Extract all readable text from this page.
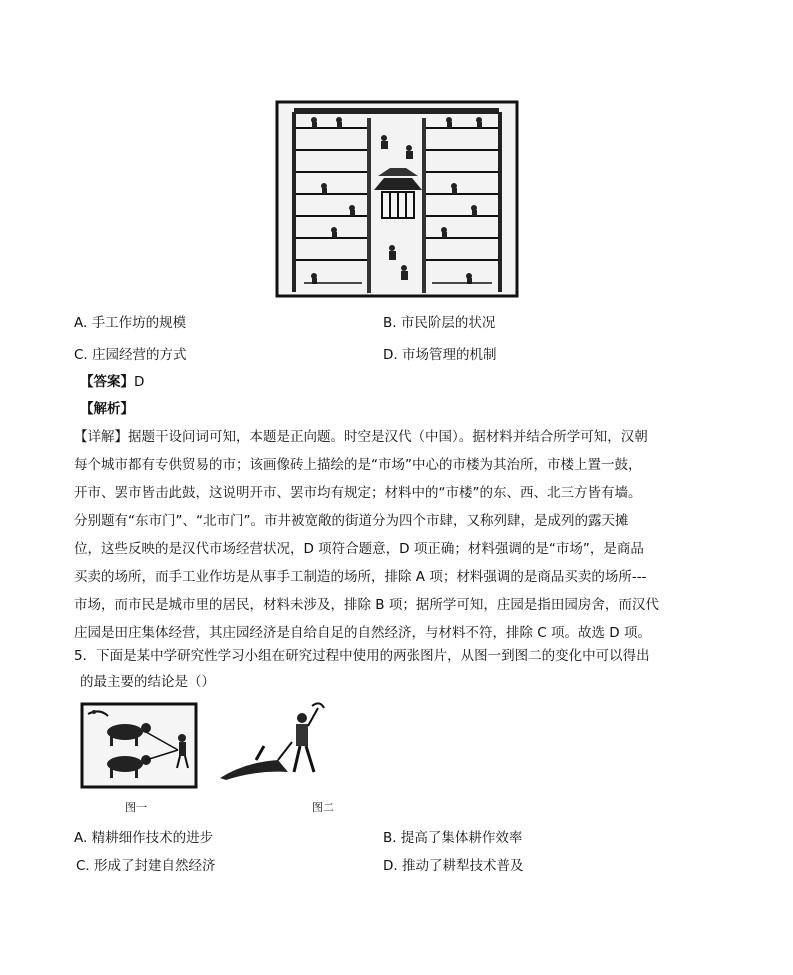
A. 手工作坊的规模	B. 市民阶层的状况
C. 庄园经营的方式	D. 市场管理的机制
【答案】D
【解析】
【详解】据题干设问词可知，本题是正向题。时空是汉代（中国）。据材料并结合所学可知，汉朝
每个城市都有专供贸易的市；该画像砖上描绘的是“市场”中心的市楼为其治所，市楼上置一鼓，
开市、罢市皆击此鼓，这说明开市、罢市均有规定；材料中的“市楼”的东、西、北三方皆有墙。
分别题有“东市门”、“北市门”。市井被宽敞的街道分为四个市肆，又称列肆，是成列的露天摊
位，这些反映的是汉代市场经营状况，D 项符合题意，D 项正确；材料强调的是“市场”，是商品
买卖的场所，而手工业作坊是从事手工制造的场所，排除 A 项；材料强调的是商品买卖的场所---
市场，而市民是城市里的居民，材料未涉及，排除 B 项；据所学可知，庄园是指田园房舍，而汉代
庄园是田庄集体经营，其庄园经济是自给自足的自然经济，与材料不符，排除 C 项。故选 D 项。
5．下面是某中学研究性学习小组在研究过程中使用的两张图片，从图一到图二的变化中可以得出
的最主要的结论是（）
图一	图二
A. 精耕细作技术的进步	B. 提高了集体耕作效率
C. 形成了封建自然经济	D. 推动了耕犁技术普及
